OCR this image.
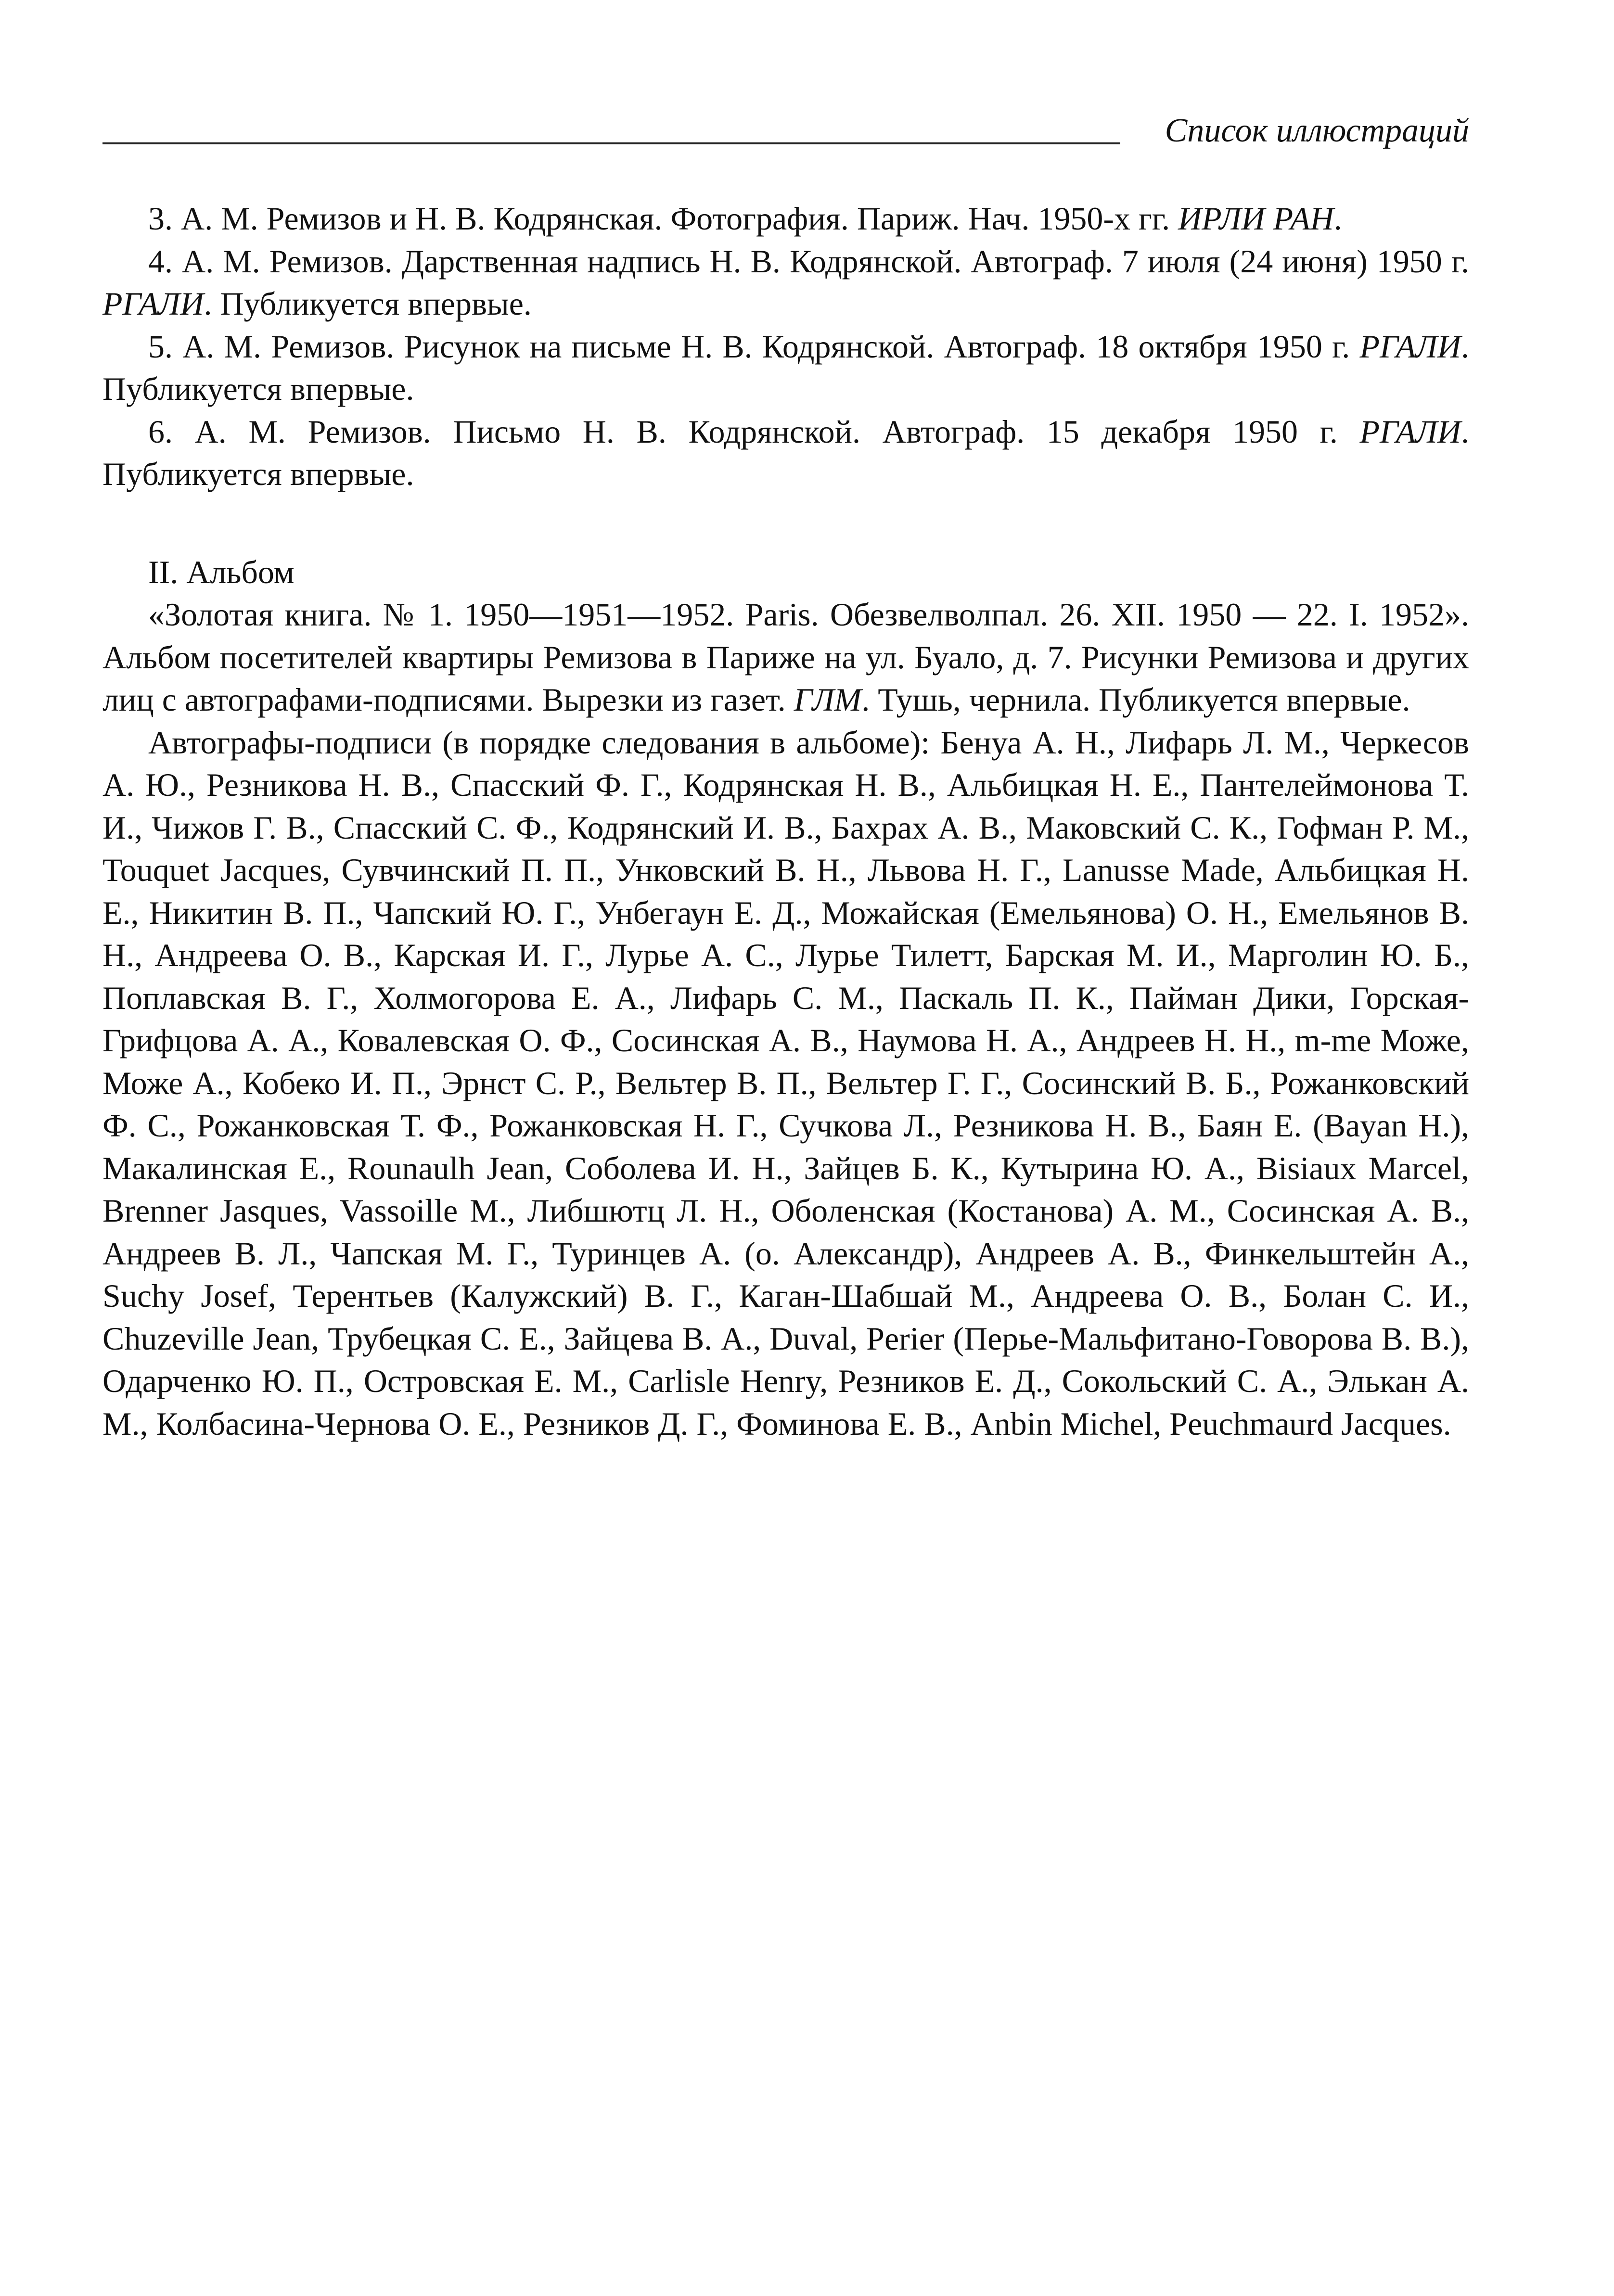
Список иллюстраций

3. А. М. Ремизов и Н. В. Кодрянская. Фотография. Париж. Нач. 1950-х гг. ИРЛИ РАН.

4. А. М. Ремизов. Дарственная надпись Н. В. Кодрянской. Автограф. 7 июля (24 июня) 1950 г. РГАЛИ. Публикуется впервые.

5. А. М. Ремизов. Рисунок на письме Н. В. Кодрянской. Автограф. 18 октября 1950 г. РГАЛИ. Публикуется впервые.

6. А. М. Ремизов. Письмо Н. В. Кодрянской. Автограф. 15 декабря 1950 г. РГАЛИ. Публикуется впервые.

II. Альбом

«Золотая книга. № 1. 1950—1951—1952. Paris. Обезвелволпал. 26. XII. 1950 — 22. I. 1952». Альбом посетителей квартиры Ремизова в Париже на ул. Буало, д. 7. Рисунки Ремизова и других лиц с автографами-подписями. Вырезки из газет. ГЛМ. Тушь, чернила. Публикуется впервые.

Автографы-подписи (в порядке следования в альбоме): Бенуа А. Н., Лифарь Л. М., Черкесов А. Ю., Резникова Н. В., Спасский Ф. Г., Кодрянская Н. В., Альбицкая Н. Е., Пантелеймонова Т. И., Чижов Г. В., Спасский С. Ф., Кодрянский И. В., Бахрах А. В., Маковский С. К., Гофман Р. М., Touquet Jacques, Сувчинский П. П., Унковский В. Н., Львова Н. Г., Lanusse Made, Альбицкая Н. Е., Никитин В. П., Чапский Ю. Г., Унбегаун Е. Д., Можайская (Емельянова) О. Н., Емельянов В. Н., Андреева О. В., Карская И. Г., Лурье А. С., Лурье Тилетт, Барская М. И., Марголин Ю. Б., Поплавская В. Г., Холмогорова Е. А., Лифарь С. М., Паскаль П. К., Пайман Дики, Горская-Грифцова А. А., Ковалевская О. Ф., Сосинская А. В., Наумова Н. А., Андреев Н. Н., m-me Може, Може А., Кобеко И. П., Эрнст С. Р., Вельтер В. П., Вельтер Г. Г., Сосинский В. Б., Рожанковский Ф. С., Рожанковская Т. Ф., Рожанковская Н. Г., Сучкова Л., Резникова Н. В., Баян Е. (Bayan H.), Макалинская Е., Rounaulh Jean, Соболева И. Н., Зайцев Б. К., Кутырина Ю. А., Bisiaux Marcel, Brenner Jasques, Vassoille M., Либшютц Л. Н., Оболенская (Костанова) А. М., Сосинская А. В., Андреев В. Л., Чапская М. Г., Туринцев А. (о. Александр), Андреев А. В., Финкельштейн А., Suchy Josef, Терентьев (Калужский) В. Г., Каган-Шабшай М., Андреева О. В., Болан С. И., Chuzeville Jean, Трубецкая С. Е., Зайцева В. А., Duval, Perier (Перье-Мальфитано-Говорова В. В.), Одарченко Ю. П., Островская Е. М., Carlisle Henry, Резников Е. Д., Сокольский С. А., Элькан А. М., Колбасина-Чернова О. Е., Резников Д. Г., Фоминова Е. В., Anbin Michel, Peuchmaurd Jacques.
